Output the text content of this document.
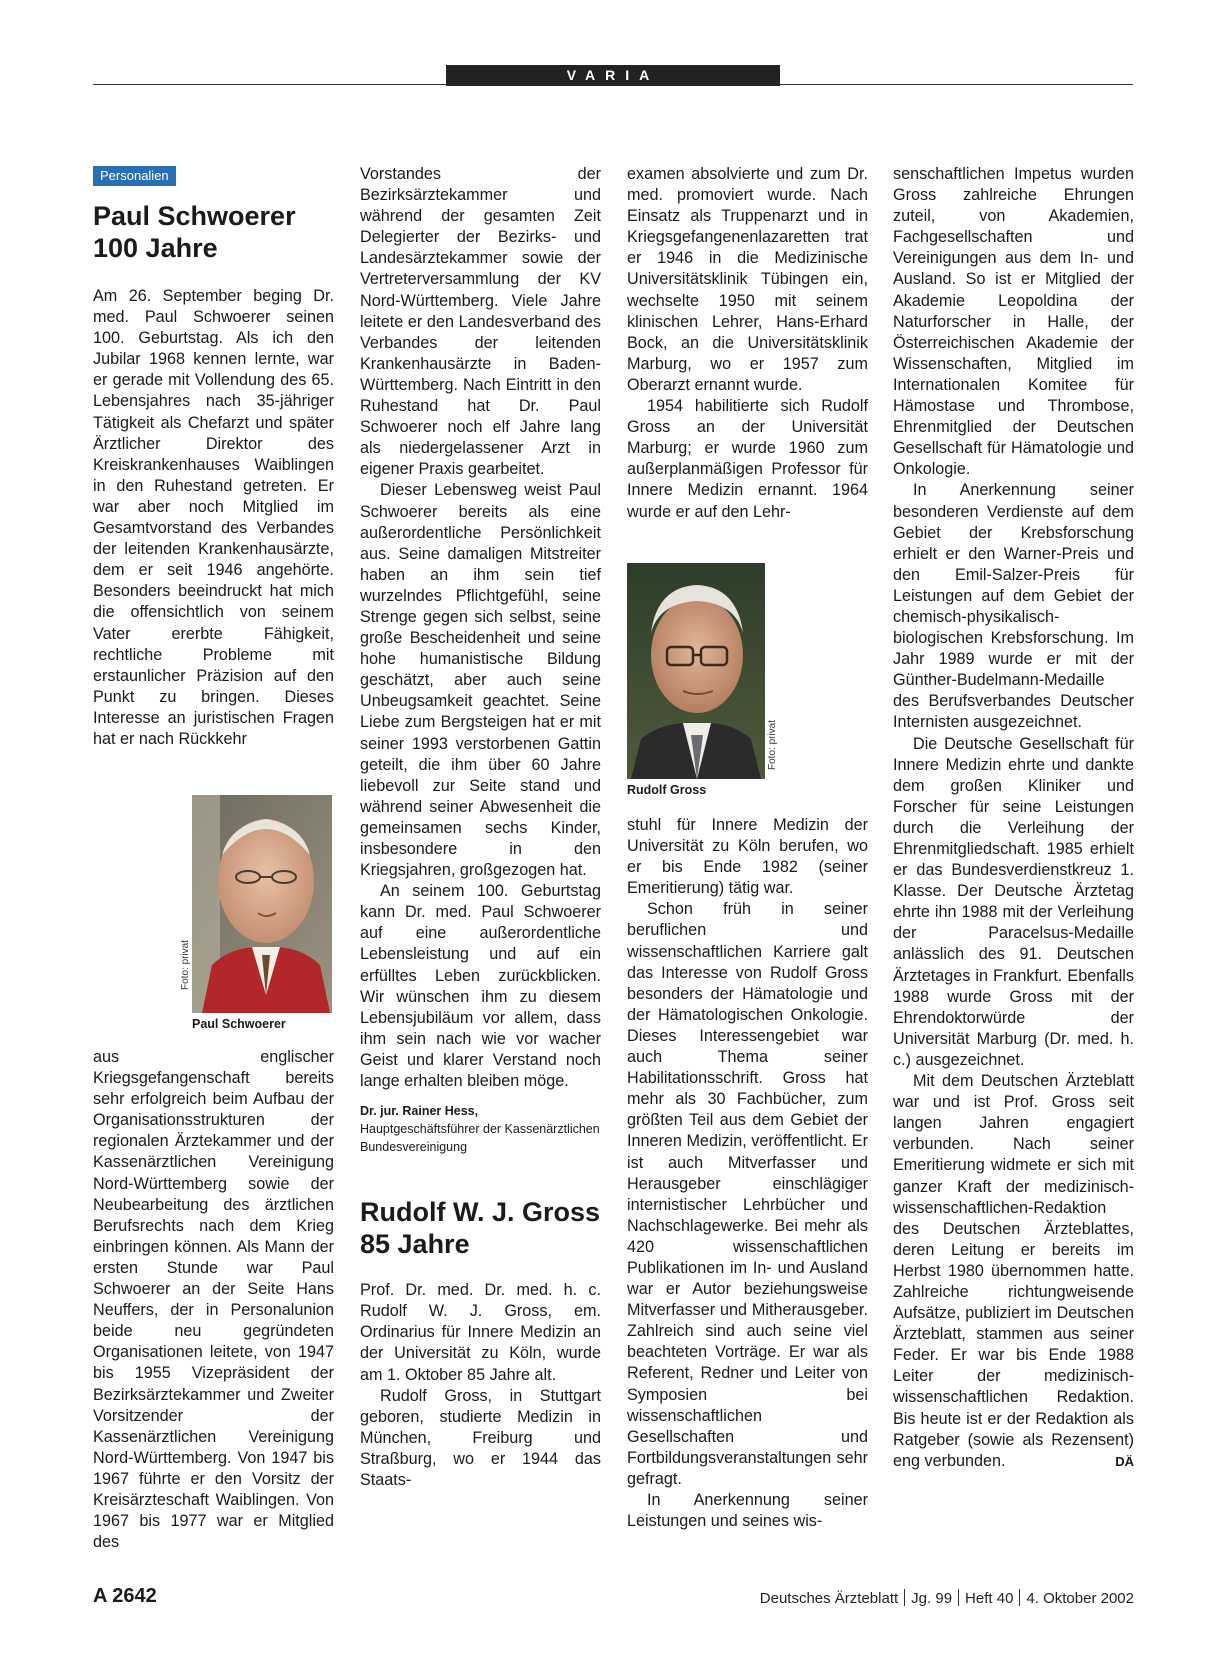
VARIA
Personalien
Paul Schwoerer
100 Jahre

Am 26. September beging Dr. med. Paul Schwoerer seinen 100. Geburtstag. Als ich den Jubilar 1968 kennen lernte, war er gerade mit Vollendung des 65. Lebensjahres nach 35-jähriger Tätigkeit als Chefarzt und später Ärztlicher Direktor des Kreiskrankenhauses Waiblingen in den Ruhestand getreten. Er war aber noch Mitglied im Gesamtvorstand des Verbandes der leitenden Krankenhausärzte, dem er seit 1946 angehörte. Besonders beeindruckt hat mich die offensichtlich von seinem Vater ererbte Fähigkeit, rechtliche Probleme mit erstaunlicher Präzision auf den Punkt zu bringen. Dieses Interesse an juristischen Fragen hat er nach Rückkehr

Foto: privat
Paul Schwoerer

aus englischer Kriegsgefangenschaft bereits sehr erfolgreich beim Aufbau der Organisationsstrukturen der regionalen Ärztekammer und der Kassenärztlichen Vereinigung Nord-Württemberg sowie der Neubearbeitung des ärztlichen Berufsrechts nach dem Krieg einbringen können. Als Mann der ersten Stunde war Paul Schwoerer an der Seite Hans Neuffers, der in Personalunion beide neu gegründeten Organisationen leitete, von 1947 bis 1955 Vizepräsident der Bezirksärztekammer und Zweiter Vorsitzender der Kassenärztlichen Vereinigung Nord-Württemberg. Von 1947 bis 1967 führte er den Vorsitz der Kreisärzteschaft Waiblingen. Von 1967 bis 1977 war er Mitglied des

Vorstandes der Bezirksärztekammer und während der gesamten Zeit Delegierter der Bezirks- und Landesärztekammer sowie der Vertreterversammlung der KV Nord-Württemberg. Viele Jahre leitete er den Landesverband des Verbandes der leitenden Krankenhausärzte in Baden-Württemberg. Nach Eintritt in den Ruhestand hat Dr. Paul Schwoerer noch elf Jahre lang als niedergelassener Arzt in eigener Praxis gearbeitet.

Dieser Lebensweg weist Paul Schwoerer bereits als eine außerordentliche Persönlichkeit aus. Seine damaligen Mitstreiter haben an ihm sein tief wurzelndes Pflichtgefühl, seine Strenge gegen sich selbst, seine große Bescheidenheit und seine hohe humanistische Bildung geschätzt, aber auch seine Unbeugsamkeit geachtet. Seine Liebe zum Bergsteigen hat er mit seiner 1993 verstorbenen Gattin geteilt, die ihm über 60 Jahre liebevoll zur Seite stand und während seiner Abwesenheit die gemeinsamen sechs Kinder, insbesondere in den Kriegsjahren, großgezogen hat.

An seinem 100. Geburtstag kann Dr. med. Paul Schwoerer auf eine außerordentliche Lebensleistung und auf ein erfülltes Leben zurückblicken. Wir wünschen ihm zu diesem Lebensjubiläum vor allem, dass ihm sein nach wie vor wacher Geist und klarer Verstand noch lange erhalten bleiben möge.

Dr. jur. Rainer Hess,
Hauptgeschäftsführer der Kassenärztlichen Bundesvereinigung
Rudolf W. J. Gross
85 Jahre

Prof. Dr. med. Dr. med. h. c. Rudolf W. J. Gross, em. Ordinarius für Innere Medizin an der Universität zu Köln, wurde am 1. Oktober 85 Jahre alt.

Rudolf Gross, in Stuttgart geboren, studierte Medizin in München, Freiburg und Straßburg, wo er 1944 das Staats-

examen absolvierte und zum Dr. med. promoviert wurde. Nach Einsatz als Truppenarzt und in Kriegsgefangenenlazaretten trat er 1946 in die Medizinische Universitätsklinik Tübingen ein, wechselte 1950 mit seinem klinischen Lehrer, Hans-Erhard Bock, an die Universitätsklinik Marburg, wo er 1957 zum Oberarzt ernannt wurde.

1954 habilitierte sich Rudolf Gross an der Universität Marburg; er wurde 1960 zum außerplanmäßigen Professor für Innere Medizin ernannt. 1964 wurde er auf den Lehr-

Foto: privat
Rudolf Gross

stuhl für Innere Medizin der Universität zu Köln berufen, wo er bis Ende 1982 (seiner Emeritierung) tätig war.

Schon früh in seiner beruflichen und wissenschaftlichen Karriere galt das Interesse von Rudolf Gross besonders der Hämatologie und der Hämatologischen Onkologie. Dieses Interessengebiet war auch Thema seiner Habilitationsschrift. Gross hat mehr als 30 Fachbücher, zum größten Teil aus dem Gebiet der Inneren Medizin, veröffentlicht. Er ist auch Mitverfasser und Herausgeber einschlägiger internistischer Lehrbücher und Nachschlagewerke. Bei mehr als 420 wissenschaftlichen Publikationen im In- und Ausland war er Autor beziehungsweise Mitverfasser und Mitherausgeber. Zahlreich sind auch seine viel beachteten Vorträge. Er war als Referent, Redner und Leiter von Symposien bei wissenschaftlichen Gesellschaften und Fortbildungsveranstaltungen sehr gefragt.

In Anerkennung seiner Leistungen und seines wis-

senschaftlichen Impetus wurden Gross zahlreiche Ehrungen zuteil, von Akademien, Fachgesellschaften und Vereinigungen aus dem In- und Ausland. So ist er Mitglied der Akademie Leopoldina der Naturforscher in Halle, der Österreichischen Akademie der Wissenschaften, Mitglied im Internationalen Komitee für Hämostase und Thrombose, Ehrenmitglied der Deutschen Gesellschaft für Hämatologie und Onkologie.

In Anerkennung seiner besonderen Verdienste auf dem Gebiet der Krebsforschung erhielt er den Warner-Preis und den Emil-Salzer-Preis für Leistungen auf dem Gebiet der chemisch-physikalisch-biologischen Krebsforschung. Im Jahr 1989 wurde er mit der Günther-Budelmann-Medaille des Berufsverbandes Deutscher Internisten ausgezeichnet.

Die Deutsche Gesellschaft für Innere Medizin ehrte und dankte dem großen Kliniker und Forscher für seine Leistungen durch die Verleihung der Ehrenmitgliedschaft. 1985 erhielt er das Bundesverdienstkreuz 1. Klasse. Der Deutsche Ärztetag ehrte ihn 1988 mit der Verleihung der Paracelsus-Medaille anlässlich des 91. Deutschen Ärztetages in Frankfurt. Ebenfalls 1988 wurde Gross mit der Ehrendoktorwürde der Universität Marburg (Dr. med. h. c.) ausgezeichnet.

Mit dem Deutschen Ärzteblatt war und ist Prof. Gross seit langen Jahren engagiert verbunden. Nach seiner Emeritierung widmete er sich mit ganzer Kraft der medizinisch-wissenschaftlichen-Redaktion des Deutschen Ärzteblattes, deren Leitung er bereits im Herbst 1980 übernommen hatte. Zahlreiche richtungweisende Aufsätze, publiziert im Deutschen Ärzteblatt, stammen aus seiner Feder. Er war bis Ende 1988 Leiter der medizinisch-wissenschaftlichen Redaktion. Bis heute ist er der Redaktion als Ratgeber (sowie als Rezensent) eng verbunden.	DÄ

A 2642	Deutsches Ärzteblatt Jg. 99 Heft 40 4. Oktober 2002
